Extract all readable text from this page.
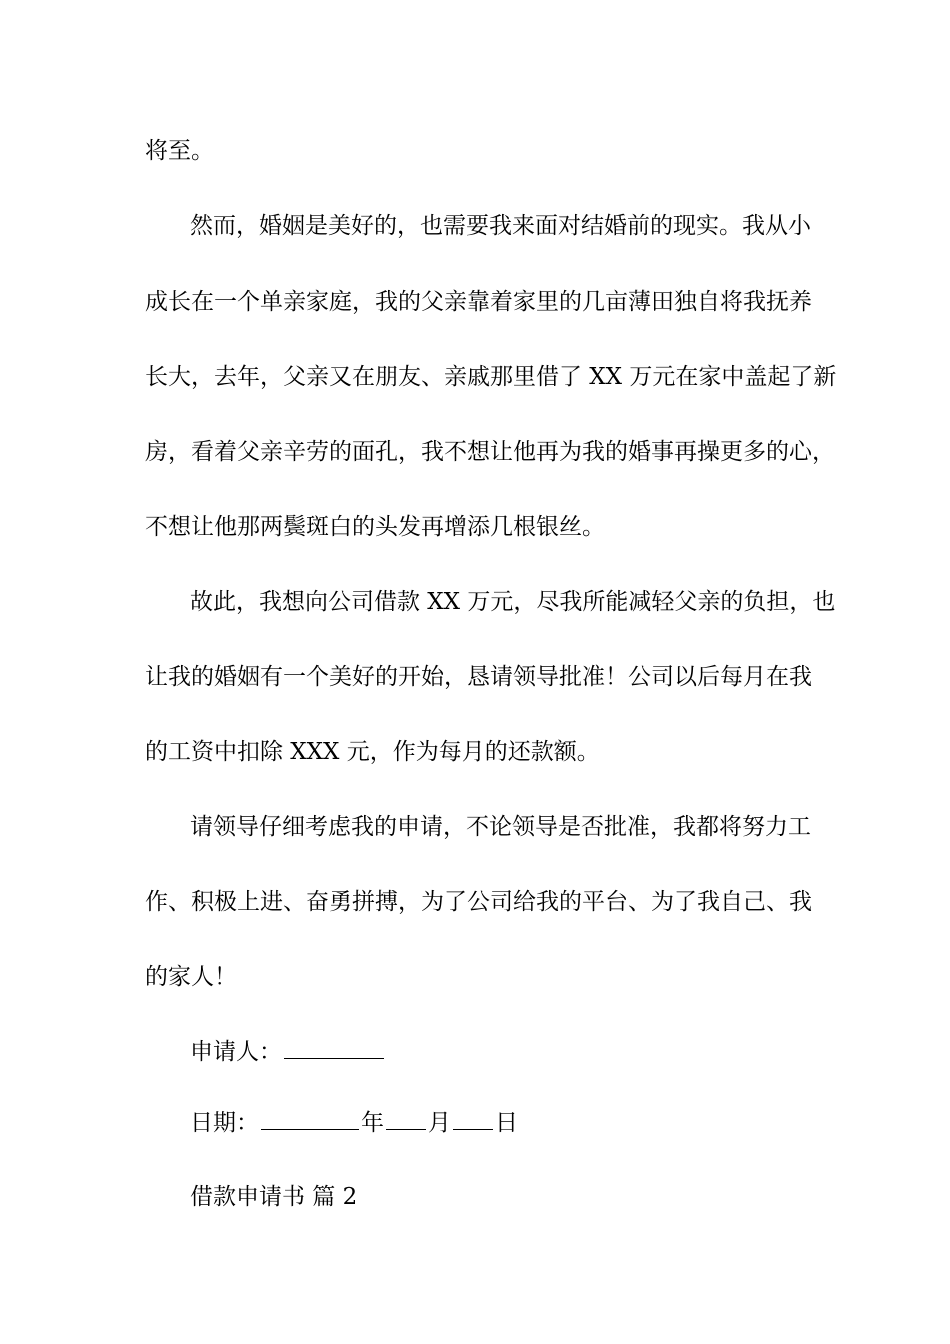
将至。
然而，婚姻是美好的，也需要我来面对结婚前的现实。我从小
成长在一个单亲家庭，我的父亲靠着家里的几亩薄田独自将我抚养
长大，去年，父亲又在朋友、亲戚那里借了 XX 万元在家中盖起了新
房，看着父亲辛劳的面孔，我不想让他再为我的婚事再操更多的心，
不想让他那两鬓斑白的头发再增添几根银丝。
故此，我想向公司借款 XX 万元，尽我所能减轻父亲的负担，也
让我的婚姻有一个美好的开始，恳请领导批准！公司以后每月在我
的工资中扣除 XXX 元，作为每月的还款额。
请领导仔细考虑我的申请，不论领导是否批准，我都将努力工
作、积极上进、奋勇拼搏，为了公司给我的平台、为了我自己、我
的家人！
申请人：
日期：	年 月 日
借款申请书 篇 2
